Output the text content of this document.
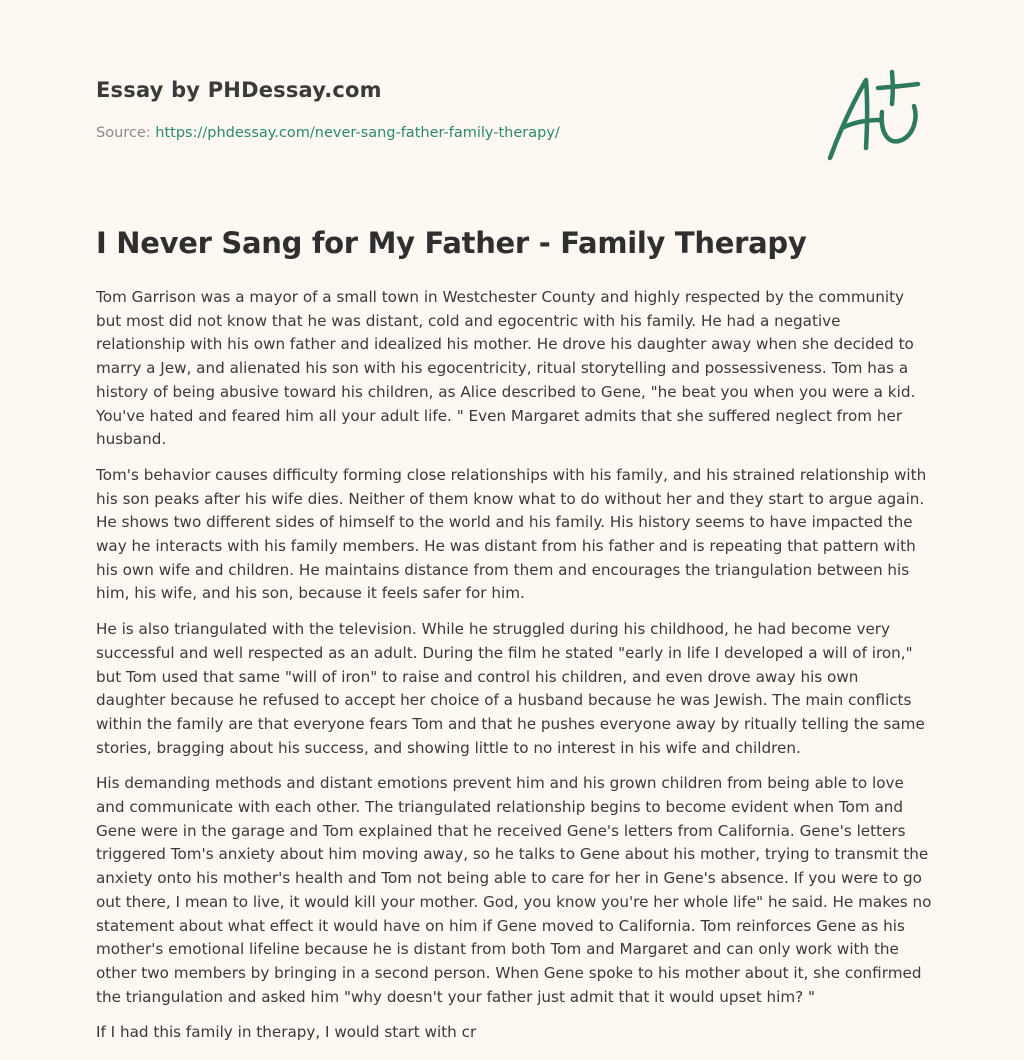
Essay by PHDessay.com
Source: https://phdessay.com/never-sang-father-family-therapy/
I Never Sang for My Father - Family Therapy

Tom Garrison was a mayor of a small town in Westchester County and highly respected by the community but most did not know that he was distant, cold and egocentric with his family. He had a negative relationship with his own father and idealized his mother. He drove his daughter away when she decided to marry a Jew, and alienated his son with his egocentricity, ritual storytelling and possessiveness. Tom has a history of being abusive toward his children, as Alice described to Gene, "he beat you when you were a kid. You've hated and feared him all your adult life. " Even Margaret admits that she suffered neglect from her husband.

Tom's behavior causes difficulty forming close relationships with his family, and his strained relationship with his son peaks after his wife dies. Neither of them know what to do without her and they start to argue again. He shows two different sides of himself to the world and his family. His history seems to have impacted the way he interacts with his family members. He was distant from his father and is repeating that pattern with his own wife and children. He maintains distance from them and encourages the triangulation between his him, his wife, and his son, because it feels safer for him.

He is also triangulated with the television. While he struggled during his childhood, he had become very successful and well respected as an adult. During the film he stated "early in life I developed a will of iron," but Tom used that same "will of iron" to raise and control his children, and even drove away his own daughter because he refused to accept her choice of a husband because he was Jewish. The main conflicts within the family are that everyone fears Tom and that he pushes everyone away by ritually telling the same stories, bragging about his success, and showing little to no interest in his wife and children.

His demanding methods and distant emotions prevent him and his grown children from being able to love and communicate with each other. The triangulated relationship begins to become evident when Tom and Gene were in the garage and Tom explained that he received Gene's letters from California. Gene's letters triggered Tom's anxiety about him moving away, so he talks to Gene about his mother, trying to transmit the anxiety onto his mother's health and Tom not being able to care for her in Gene's absence. If you were to go out there, I mean to live, it would kill your mother. God, you know you're her whole life" he said. He makes no statement about what effect it would have on him if Gene moved to California. Tom reinforces Gene as his mother's emotional lifeline because he is distant from both Tom and Margaret and can only work with the other two members by bringing in a second person. When Gene spoke to his mother about it, she confirmed the triangulation and asked him "why doesn't your father just admit that it would upset him? "

If I had this family in therapy, I would start with cr
